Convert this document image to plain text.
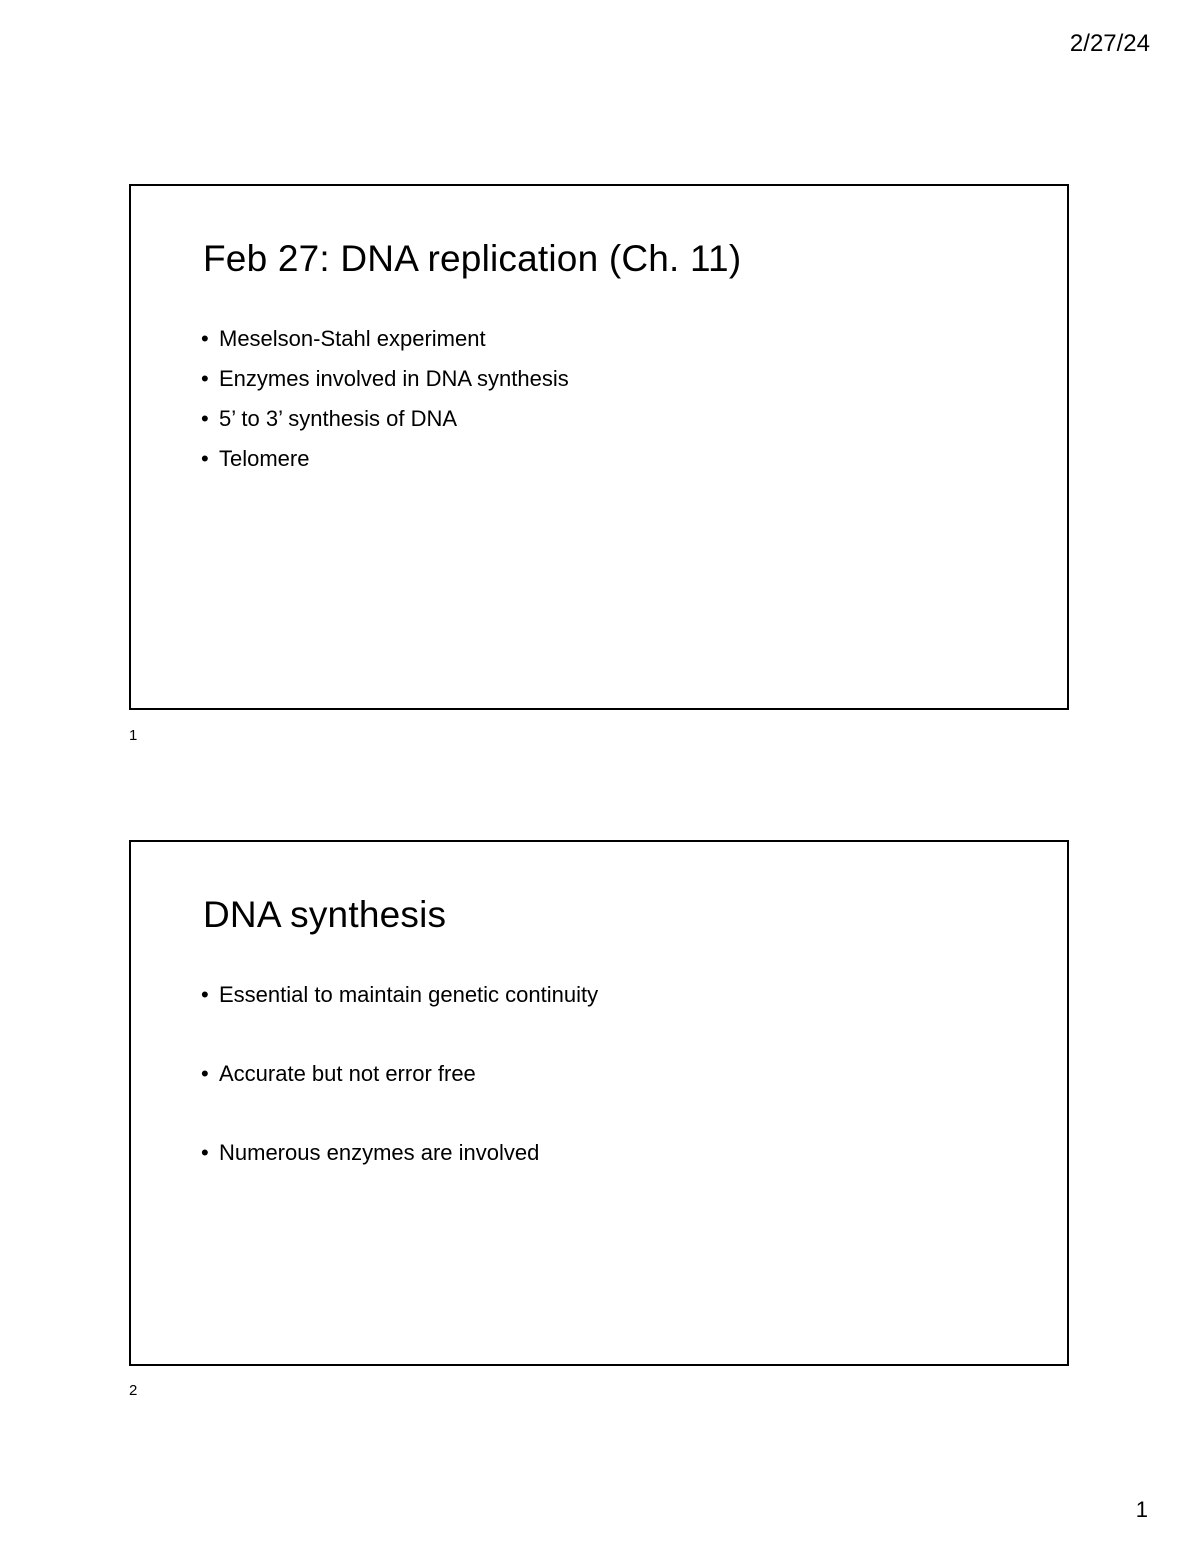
2/27/24
Feb 27: DNA replication (Ch. 11)
• Meselson-Stahl experiment
• Enzymes involved in DNA synthesis
• 5’ to 3’ synthesis of DNA
• Telomere
1
DNA synthesis
• Essential to maintain genetic continuity
• Accurate but not error free
• Numerous enzymes are involved
2
1
